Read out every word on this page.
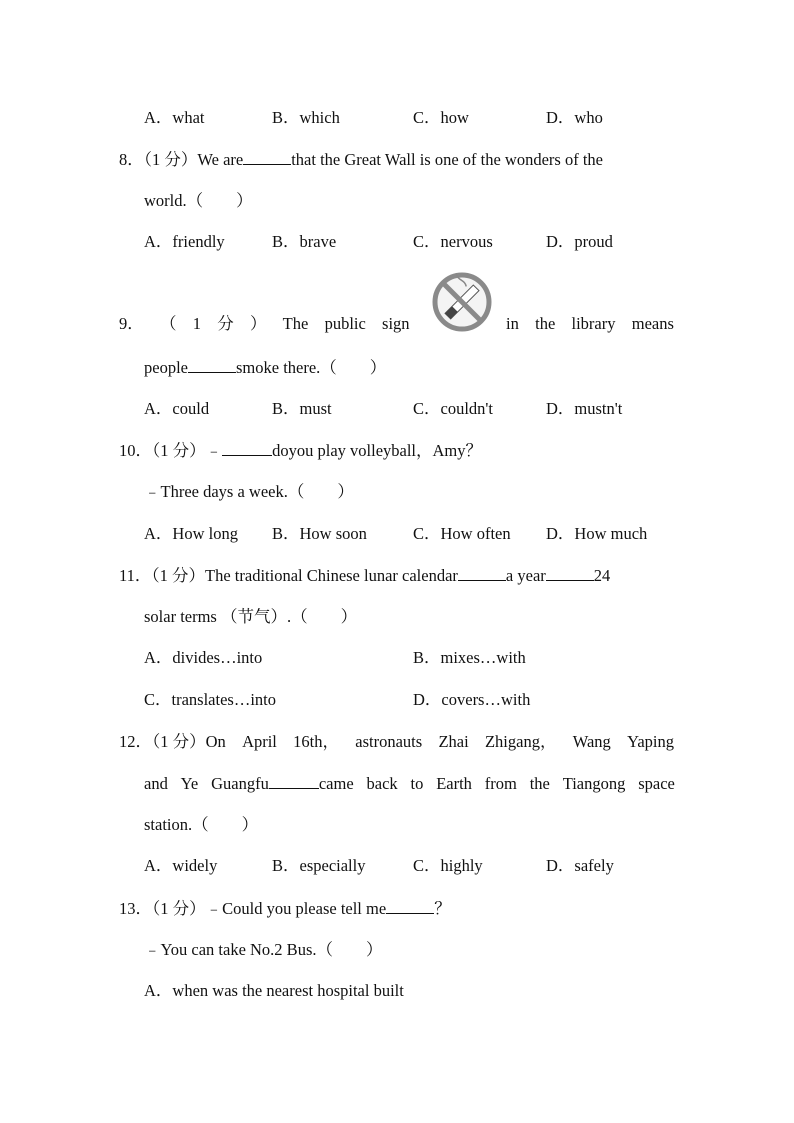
A．what	B．which	C．how	D．who
8．（1 分）We are	that the Great Wall is one of the wonders of the
world.（　　）
A．friendly	B．brave	C．nervous	D．proud
9． （ 1 分 ） The public sign	in the library means
people	smoke there.（　　）
A．could	B．must	C．couldn't	D．mustn't
10．（1 分）﹣	doyou play volleyball，Amy？
﹣Three days a week.（　　）
A．How long B．How soon	C．How often D．How much
11．（1 分）The traditional Chinese lunar calendar	a year	24
solar terms （节气）.（　　）
A．divides…into	B．mixes…with
C．translates…into	D．covers…with
12．（1 分）On April 16th， astronauts Zhai Zhigang， Wang Yaping
and Ye Guangfu	came back to Earth from the Tiangong space
station.（　　）
A．widely	B．especially	C．highly	D．safely
13．（1 分）﹣Could you please tell me	？
﹣You can take No.2 Bus.（　　）
A．when was the nearest hospital built
